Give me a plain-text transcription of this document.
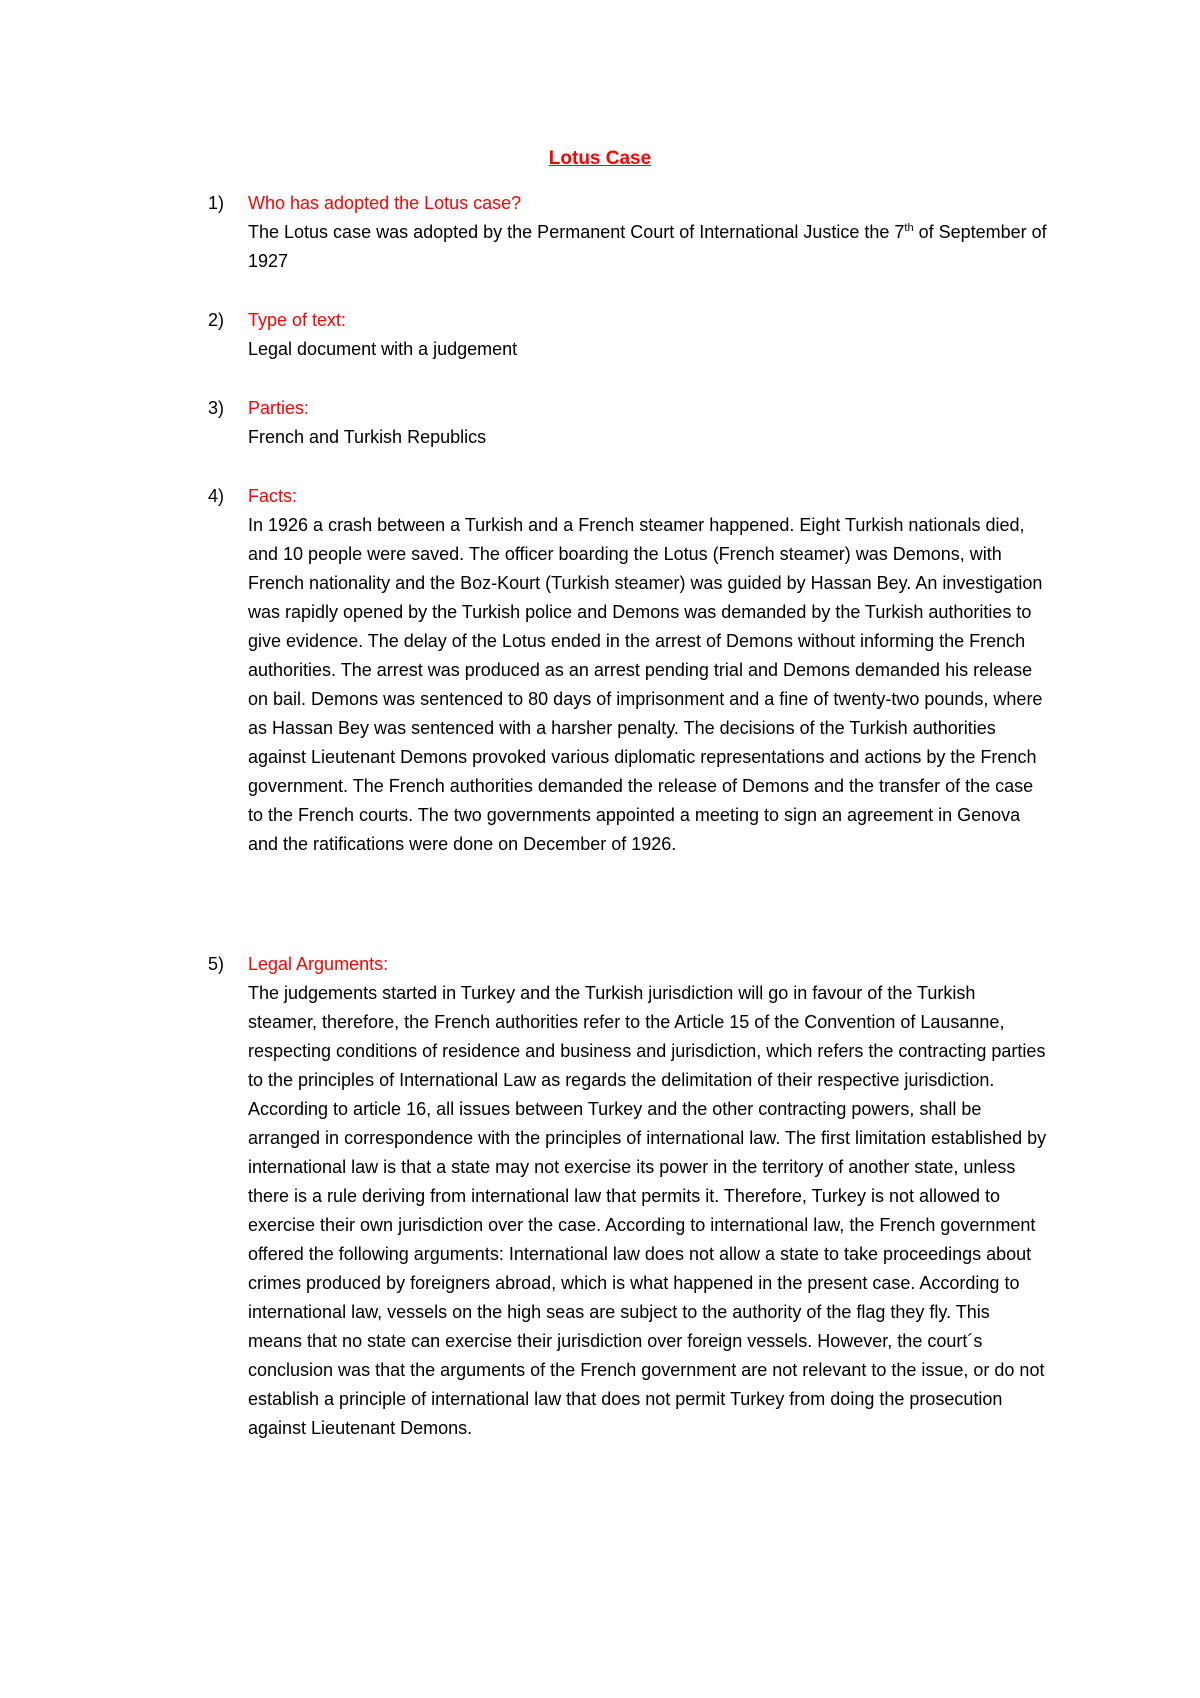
Lotus Case
1)	Who has adopted the Lotus case?
The Lotus case was adopted by the Permanent Court of International Justice the 7th of September of 1927
2)	Type of text:
Legal document with a judgement
3)	Parties:
French and Turkish Republics
4)	Facts:
In 1926 a crash between a Turkish and a French steamer happened. Eight Turkish nationals died, and 10 people were saved. The officer boarding the Lotus (French steamer) was Demons, with French nationality and the Boz-Kourt (Turkish steamer) was guided by Hassan Bey. An investigation was rapidly opened by the Turkish police and Demons was demanded by the Turkish authorities to give evidence. The delay of the Lotus ended in the arrest of Demons without informing the French authorities. The arrest was produced as an arrest pending trial and Demons demanded his release on bail. Demons was sentenced to 80 days of imprisonment and a fine of twenty-two pounds, where as Hassan Bey was sentenced with a harsher penalty. The decisions of the Turkish authorities against Lieutenant Demons provoked various diplomatic representations and actions by the French government. The French authorities demanded the release of Demons and the transfer of the case to the French courts. The two governments appointed a meeting to sign an agreement in Genova and the ratifications were done on December of 1926.
5)	Legal Arguments:
The judgements started in Turkey and the Turkish jurisdiction will go in favour of the Turkish steamer, therefore, the French authorities refer to the Article 15 of the Convention of Lausanne, respecting conditions of residence and business and jurisdiction, which refers the contracting parties to the principles of International Law as regards the delimitation of their respective jurisdiction. According to article 16, all issues between Turkey and the other contracting powers, shall be arranged in correspondence with the principles of international law. The first limitation established by international law is that a state may not exercise its power in the territory of another state, unless there is a rule deriving from international law that permits it. Therefore, Turkey is not allowed to exercise their own jurisdiction over the case. According to international law, the French government offered the following arguments: International law does not allow a state to take proceedings about crimes produced by foreigners abroad, which is what happened in the present case. According to international law, vessels on the high seas are subject to the authority of the flag they fly. This means that no state can exercise their jurisdiction over foreign vessels. However, the court´s conclusion was that the arguments of the French government are not relevant to the issue, or do not establish a principle of international law that does not permit Turkey from doing the prosecution against Lieutenant Demons.
